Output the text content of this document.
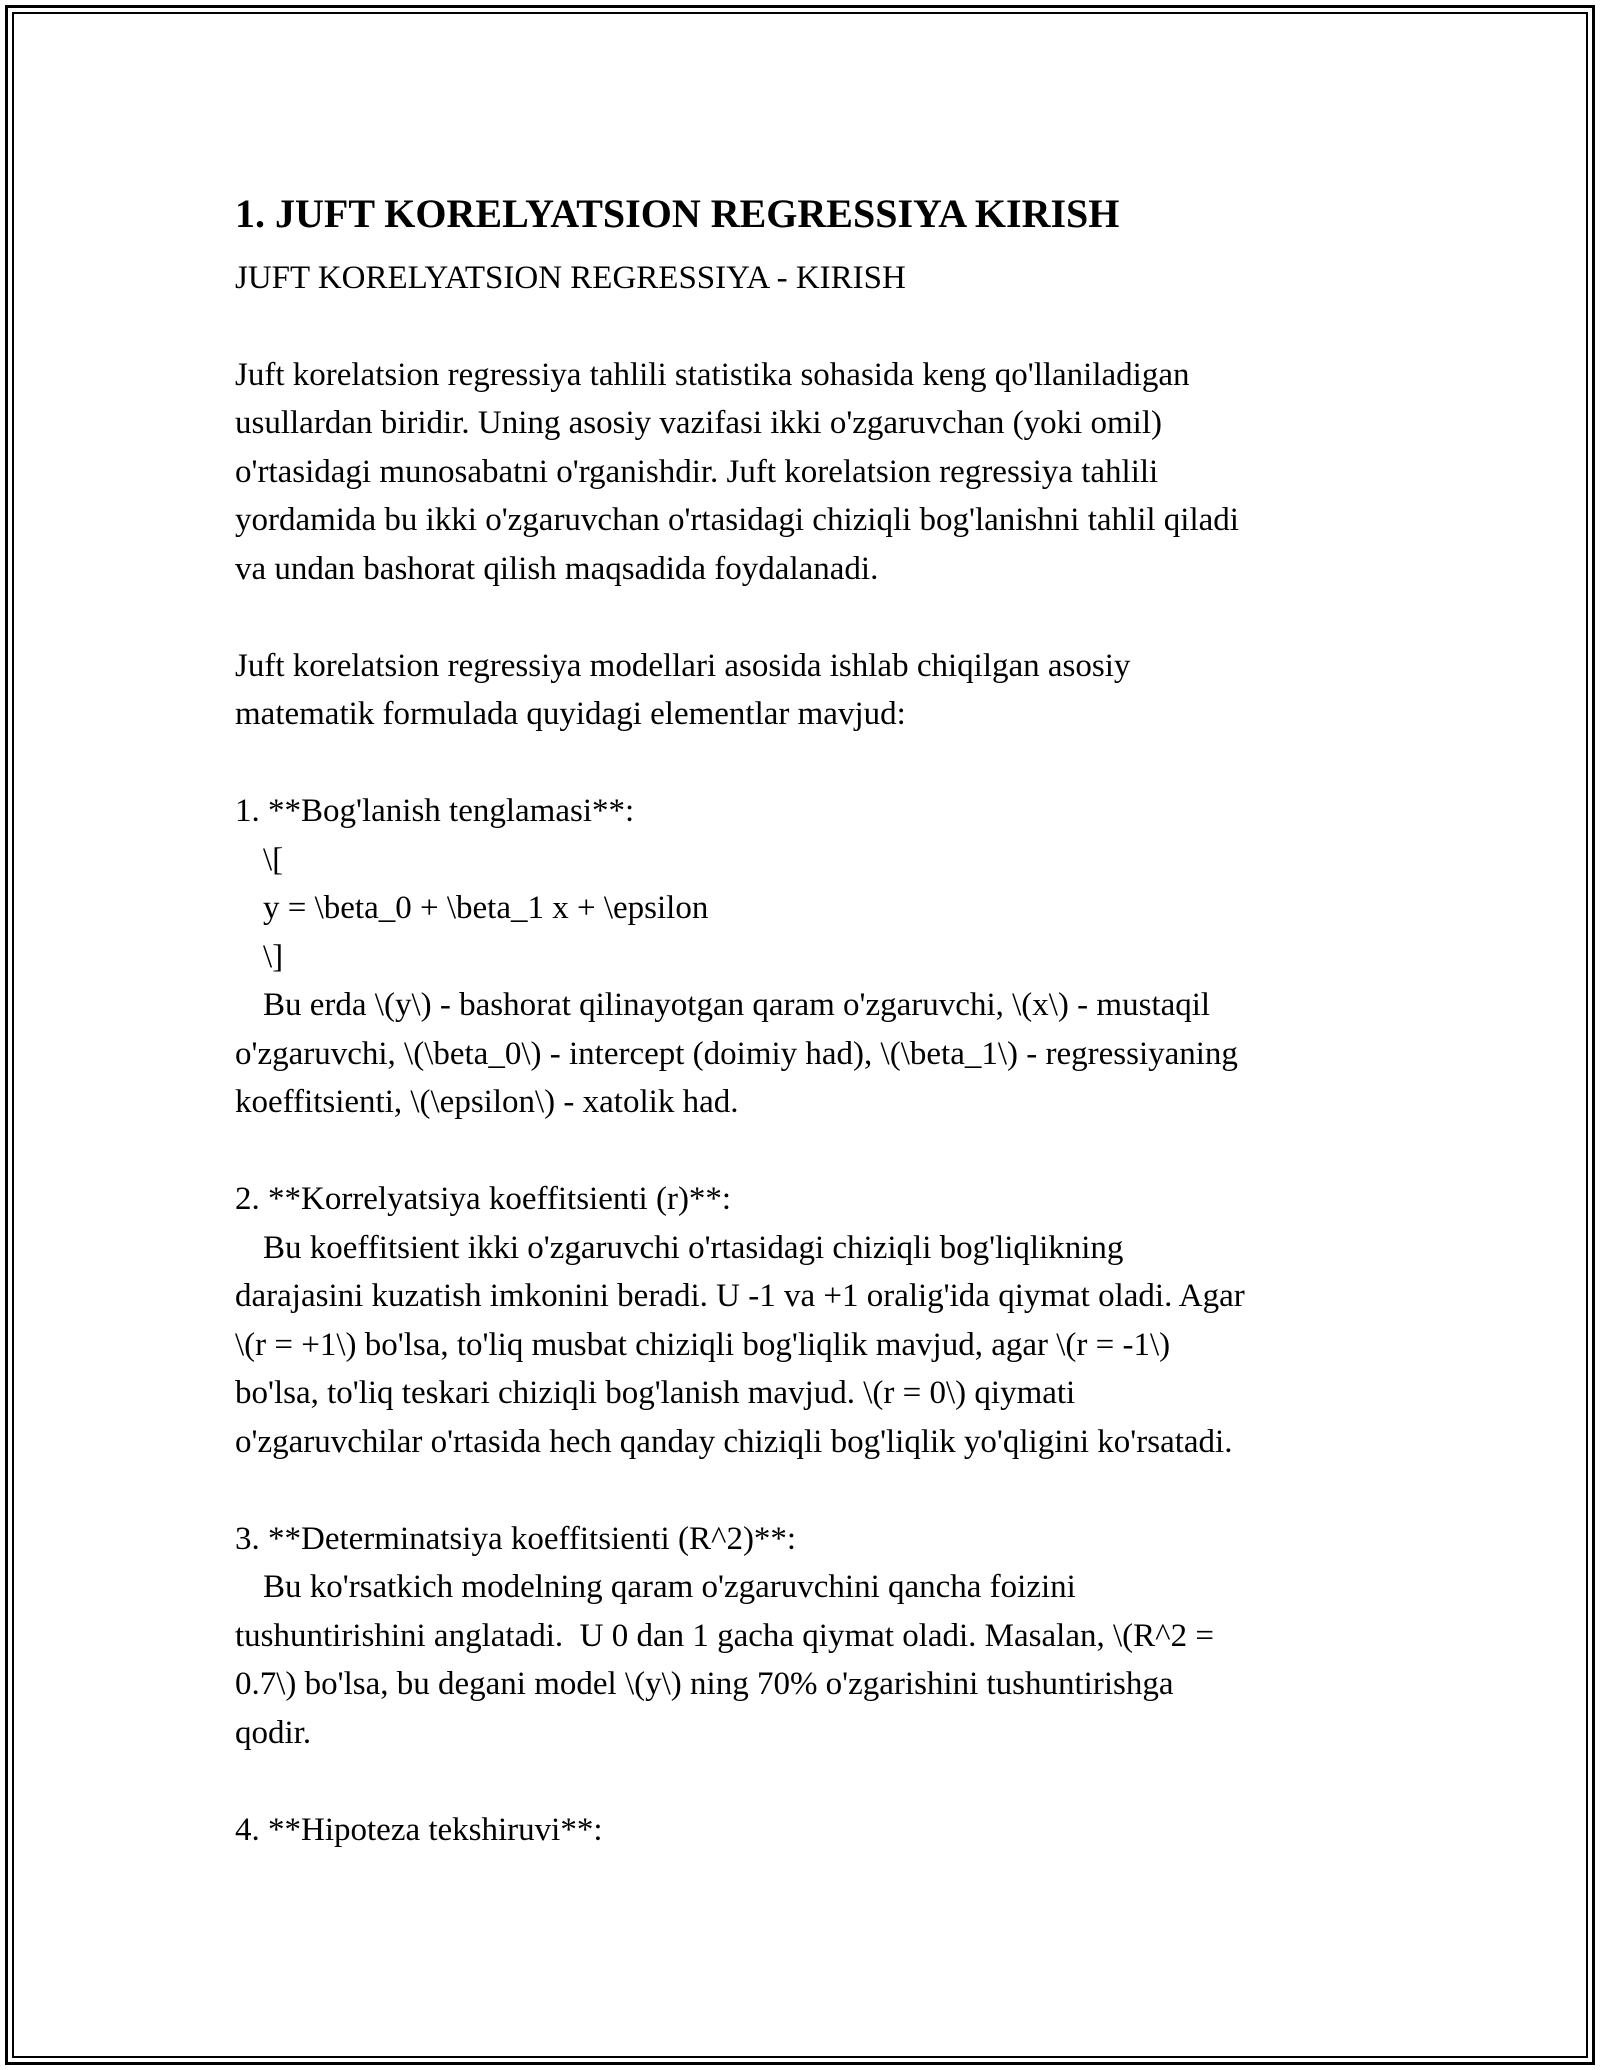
1. JUFT KORELYATSION REGRESSIYA KIRISH
JUFT KORELYATSION REGRESSIYA - KIRISH
Juft korelatsion regressiya tahlili statistika sohasida keng qo'llaniladigan
usullardan biridir. Uning asosiy vazifasi ikki o'zgaruvchan (yoki omil)
o'rtasidagi munosabatni o'rganishdir. Juft korelatsion regressiya tahlili
yordamida bu ikki o'zgaruvchan o'rtasidagi chiziqli bog'lanishni tahlil qiladi
va undan bashorat qilish maqsadida foydalanadi.
Juft korelatsion regressiya modellari asosida ishlab chiqilgan asosiy
matematik formulada quyidagi elementlar mavjud:
1. **Bog'lanish tenglamasi**:
\[
y = \beta_0 + \beta_1 x + \epsilon
\]
Bu erda \(y\) - bashorat qilinayotgan qaram o'zgaruvchi, \(x\) - mustaqil
o'zgaruvchi, \(\beta_0\) - intercept (doimiy had), \(\beta_1\) - regressiyaning
koeffitsienti, \(\epsilon\) - xatolik had.
2. **Korrelyatsiya koeffitsienti (r)**:
Bu koeffitsient ikki o'zgaruvchi o'rtasidagi chiziqli bog'liqlikning
darajasini kuzatish imkonini beradi. U -1 va +1 oralig'ida qiymat oladi. Agar
\(r = +1\) bo'lsa, to'liq musbat chiziqli bog'liqlik mavjud, agar \(r = -1\)
bo'lsa, to'liq teskari chiziqli bog'lanish mavjud. \(r = 0\) qiymati
o'zgaruvchilar o'rtasida hech qanday chiziqli bog'liqlik yo'qligini ko'rsatadi.
3. **Determinatsiya koeffitsienti (R^2)**:
Bu ko'rsatkich modelning qaram o'zgaruvchini qancha foizini
tushuntirishini anglatadi.  U 0 dan 1 gacha qiymat oladi. Masalan, \(R^2 =
0.7\) bo'lsa, bu degani model \(y\) ning 70% o'zgarishini tushuntirishga
qodir.
4. **Hipoteza tekshiruvi**:
